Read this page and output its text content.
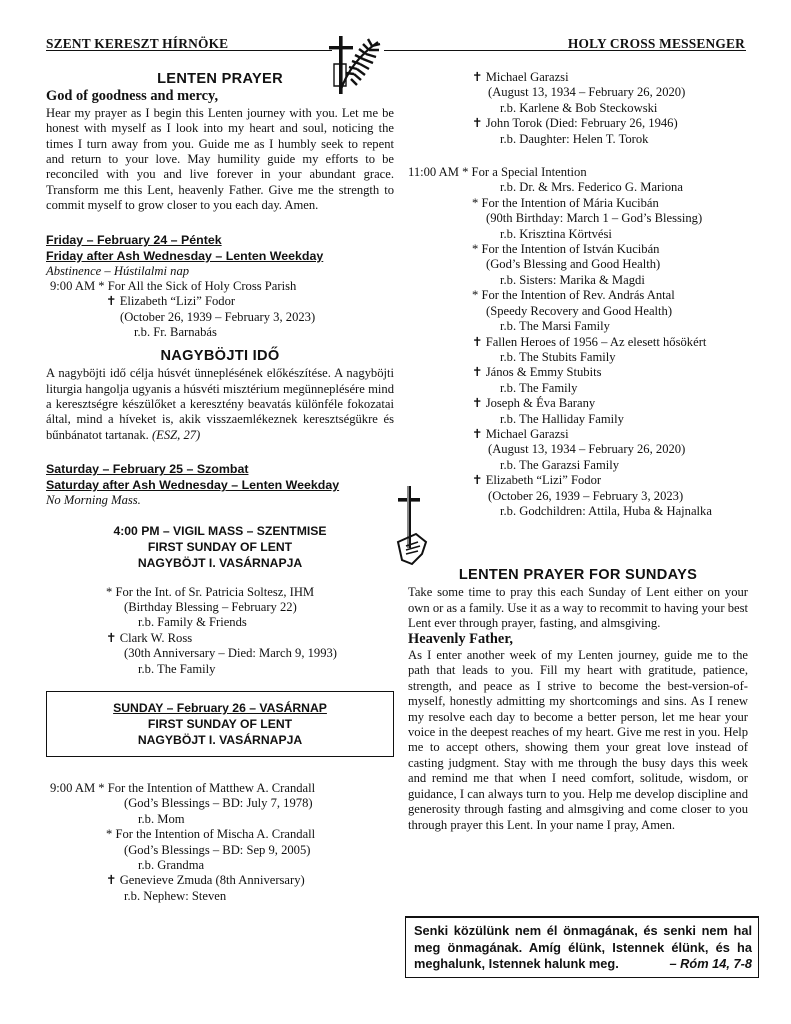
SZENT KERESZT HÍRNÖKE	HOLY CROSS MESSENGER
LENTEN PRAYER
God of goodness and mercy,

Hear my prayer as I begin this Lenten journey with you. Let me be honest with myself as I look into my heart and soul, noticing the times I turn away from you. Guide me as I humbly seek to repent and return to your love. May humility guide my efforts to be reconciled with you and live forever in your abundant grace. Transform me this Lent, heavenly Father. Give me the strength to commit myself to grow closer to you each day. Amen.

Friday – February 24 – Péntek

Friday after Ash Wednesday – Lenten Weekday

Abstinence – Hústilalmi nap

9:00 AM * For All the Sick of Holy Cross Parish

✝ Elizabeth “Lizi” Fodor

(October 26, 1939 – February 3, 2023)

r.b. Fr. Barnabás

NAGYBÖJTI IDŐ

A nagyböjti idő célja húsvét ünneplésének előkészítése. A nagyböjti liturgia hangolja ugyanis a húsvéti misztérium megünneplésére mind a keresztségre készülőket a keresztény beavatás különféle fokozatai által, mind a híveket is, akik visszaemlékeznek keresztségükre és bűnbánatot tartanak. (ESZ, 27)

Saturday – February 25 – Szombat

Saturday after Ash Wednesday – Lenten Weekday

No Morning Mass.

4:00 PM – VIGIL MASS – SZENTMISE

FIRST SUNDAY OF LENT

NAGYBÖJT I. VASÁRNAPJA

* For the Int. of Sr. Patricia Soltesz, IHM

(Birthday Blessing – February 22)

r.b. Family & Friends

✝ Clark W. Ross

(30th Anniversary – Died: March 9, 1993)

r.b. The Family

SUNDAY – February 26 – VASÁRNAP

FIRST SUNDAY OF LENT

NAGYBÖJT I. VASÁRNAPJA

9:00 AM * For the Intention of Matthew A. Crandall

(God’s Blessings – BD: July 7, 1978)

r.b. Mom

* For the Intention of Mischa A. Crandall

(God’s Blessings – BD: Sep 9, 2005)

r.b. Grandma

✝ Genevieve Zmuda (8th Anniversary)

r.b. Nephew: Steven

✝ Michael Garazsi

(August 13, 1934 – February 26, 2020)

r.b. Karlene & Bob Steckowski

✝ John Torok (Died: February 26, 1946)

r.b. Daughter: Helen T. Torok

11:00 AM * For a Special Intention

r.b. Dr. & Mrs. Federico G. Mariona

* For the Intention of Mária Kucibán

(90th Birthday: March 1 – God’s Blessing)

r.b. Krisztina Körtvési

* For the Intention of István Kucibán

(God’s Blessing and Good Health)

r.b. Sisters: Marika & Magdi

* For the Intention of Rev. András Antal

(Speedy Recovery and Good Health)

r.b. The Marsi Family

✝ Fallen Heroes of 1956 – Az elesett hősökért

r.b. The Stubits Family

✝ János & Emmy Stubits

r.b. The Family

✝ Joseph & Éva Barany

r.b. The Halliday Family

✝ Michael Garazsi

(August 13, 1934 – February 26, 2020)

r.b. The Garazsi Family

✝ Elizabeth “Lizi” Fodor

(October 26, 1939 – February 3, 2023)

r.b. Godchildren: Attila, Huba & Hajnalka

LENTEN PRAYER FOR SUNDAYS

Take some time to pray this each Sunday of Lent either on your own or as a family. Use it as a way to recommit to having your best Lent ever through prayer, fasting, and almsgiving.

Heavenly Father,

As I enter another week of my Lenten journey, guide me to the path that leads to you. Fill my heart with gratitude, patience, strength, and peace as I strive to become the best-version-of-myself, honestly admitting my shortcomings and sins. As I renew my resolve each day to become a better person, let me hear your voice in the deepest reaches of my heart. Give me rest in you. Help me to accept others, showing them your great love instead of casting judgment. Stay with me through the busy days this week and remind me that when I need comfort, solitude, wisdom, or guidance, I can always turn to you. Help me develop discipline and generosity through fasting and almsgiving and come closer to you through prayer this Lent. In your name I pray, Amen.

Senki közülünk nem él önmagának, és senki nem hal meg önmagának. Amíg élünk, Istennek élünk, és ha meghalunk, Istennek halunk meg.	– Róm 14, 7-8
